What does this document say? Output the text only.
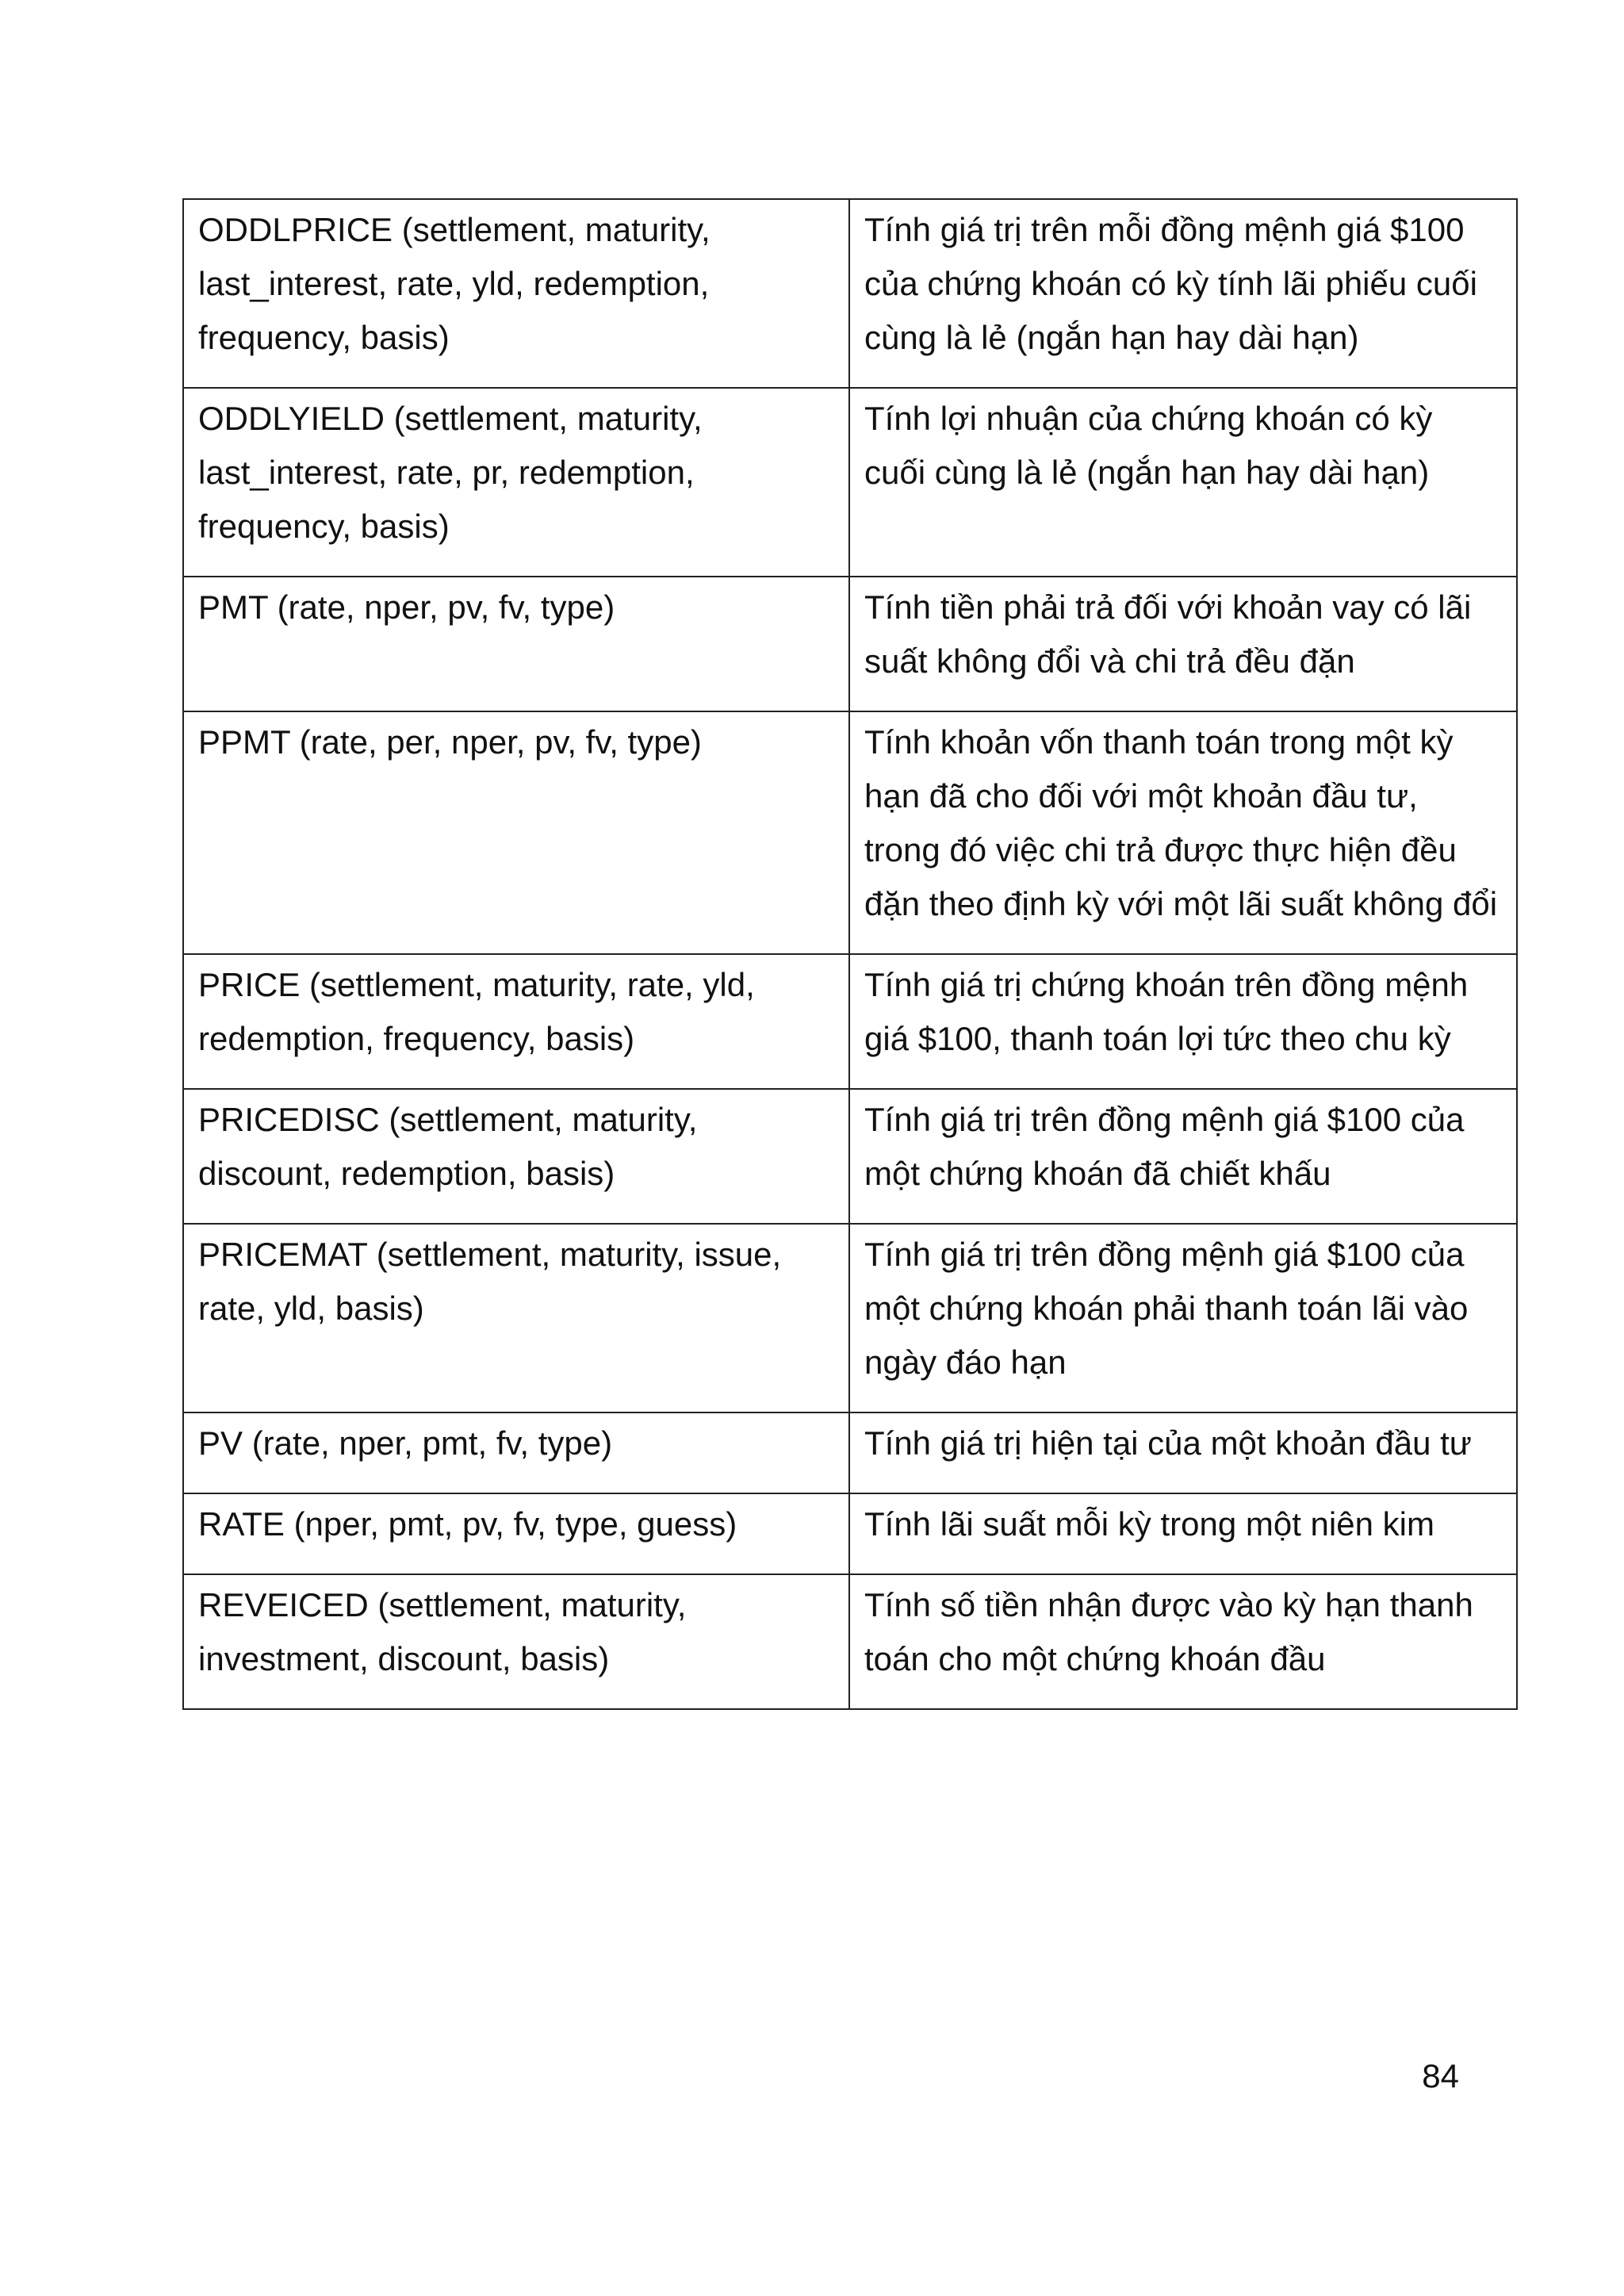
ODDLPRICE (settlement, maturity, last_interest, rate, yld, redemption, frequency, basis)	Tính giá trị trên mỗi đồng mệnh giá $100 của chứng khoán có kỳ tính lãi phiếu cuối cùng là lẻ (ngắn hạn hay dài hạn)
ODDLYIELD (settlement, maturity, last_interest, rate, pr, redemption, frequency, basis)	Tính lợi nhuận của chứng khoán có kỳ cuối cùng là lẻ (ngắn hạn hay dài hạn)
PMT (rate, nper, pv, fv, type)	Tính tiền phải trả đối với khoản vay có lãi suất không đổi và chi trả đều đặn
PPMT (rate, per, nper, pv, fv, type)	Tính khoản vốn thanh toán trong một kỳ hạn đã cho đối với một khoản đầu tư, trong đó việc chi trả được thực hiện đều đặn theo định kỳ với một lãi suất không đổi
PRICE (settlement, maturity, rate, yld, redemption, frequency, basis)	Tính giá trị chứng khoán trên đồng mệnh giá $100, thanh toán lợi tức theo chu kỳ
PRICEDISC (settlement, maturity, discount, redemption, basis)	Tính giá trị trên đồng mệnh giá $100 của một chứng khoán đã chiết khấu
PRICEMAT (settlement, maturity, issue, rate, yld, basis)	Tính giá trị trên đồng mệnh giá $100 của một chứng khoán phải thanh toán lãi vào ngày đáo hạn
PV (rate, nper, pmt, fv, type)	Tính giá trị hiện tại của một khoản đầu tư
RATE (nper, pmt, pv, fv, type, guess)	Tính lãi suất mỗi kỳ trong một niên kim
REVEICED (settlement, maturity, investment, discount, basis)	Tính số tiền nhận được vào kỳ hạn thanh toán cho một chứng khoán đầu
84
